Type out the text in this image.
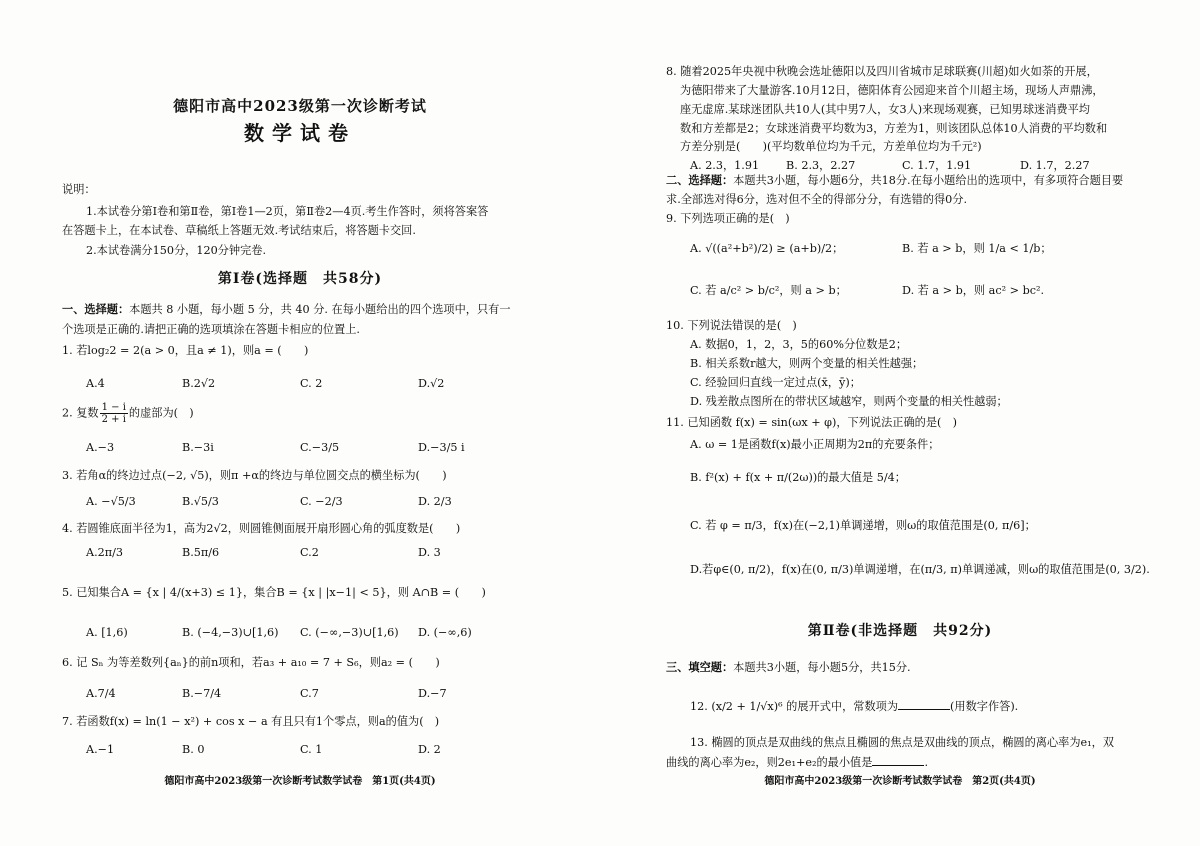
德阳市高中2023级第一次诊断考试
数学试卷
说明：
1.本试卷分第Ⅰ卷和第Ⅱ卷，第Ⅰ卷1—2页，第Ⅱ卷2—4页.考生作答时，须将答案答
在答题卡上，在本试卷、草稿纸上答题无效.考试结束后，将答题卡交回.
2.本试卷满分150分，120分钟完卷.
第Ⅰ卷(选择题　共58分)
一、选择题：本题共 8 小题，每小题 5 分，共 40 分. 在每小题给出的四个选项中，只有一
个选项是正确的.请把正确的选项填涂在答题卡相应的位置上.
1. 若log₂2 = 2(a > 0，且a ≠ 1)，则a = (　　)
A.4	B.2√2	C. 2	D.√2
2. 复数 $\frac{1 - i}{2 + i}$ 的虚部为(　)
A.−3	B.−3i	C.−3/5	D.−3/5 i
3. 若角α的终边过点(−2, √5)，则π +α的终边与单位圆交点的横坐标为(　　)
A. −√5/3	B.√5/3	C. −2/3	D. 2/3
4. 若圆锥底面半径为1，高为2√2，则圆锥侧面展开扇形圆心角的弧度数是(　　)
A.2π/3	B.5π/6	C.2	D. 3
5. 已知集合A = {x | 4/(x+3) ≤ 1}，集合B = {x | |x−1| < 5}，则 A∩B = (　　)
A. [1,6)	B. (−4,−3)∪[1,6) C. (−∞,−3)∪[1,6) D. (−∞,6)
6. 记 Sₙ 为等差数列{aₙ}的前n项和，若a₃ + a₁₀ = 7 + S₆，则a₂ = (　　)
A.7/4	B.−7/4	C.7	D.−7
7. 若函数f(x) = ln(1 − x²) + cos x − a 有且只有1个零点，则a的值为(　)
A.−1	B. 0	C. 1	D. 2
德阳市高中2023级第一次诊断考试数学试卷　第1页(共4页)
8. 随着2025年央视中秋晚会选址德阳以及四川省城市足球联赛(川超)如火如荼的开展，
为德阳带来了大量游客.10月12日，德阳体育公园迎来首个川超主场，现场人声鼎沸，
座无虚席.某球迷团队共10人(其中男7人，女3人)来现场观赛，已知男球迷消费平均
数和方差都是2；女球迷消费平均数为3，方差为1，则该团队总体10人消费的平均数和
方差分别是(　　)(平均数单位均为千元，方差单位均为千元²)
A. 2.3，1.91 B. 2.3，2.27	C. 1.7，1.91	D. 1.7，2.27
二、选择题：本题共3小题，每小题6分，共18分.在每小题给出的选项中，有多项符合题目要
求.全部选对得6分，选对但不全的得部分分，有选错的得0分.
9. 下列选项正确的是(　)
A. √((a²+b²)/2) ≥ (a+b)/2；	B. 若 a > b，则 1/a < 1/b；
C. 若 a/c² > b/c²，则 a > b；	D. 若 a > b，则 ac² > bc².
10. 下列说法错误的是(　)
A. 数据0，1，2，3，5的60%分位数是2；
B. 相关系数r越大，则两个变量的相关性越强；
C. 经验回归直线一定过点(x̄，ȳ)；
D. 残差散点图所在的带状区域越窄，则两个变量的相关性越弱；
11. 已知函数 f(x) = sin(ωx + φ)，下列说法正确的是(　)
A. ω = 1是函数f(x)最小正周期为2π的充要条件；
B. f²(x) + f(x + π/(2ω))的最大值是 5/4；
C. 若 φ = π/3，f(x)在(−2,1)单调递增，则ω的取值范围是(0, π/6]；
D.若φ∈(0, π/2)，f(x)在(0, π/3)单调递增，在(π/3, π)单调递减，则ω的取值范围是(0, 3/2).
第Ⅱ卷(非选择题　共92分)
三、填空题：本题共3小题，每小题5分，共15分.
12. (x/2 + 1/√x)⁶ 的展开式中，常数项为	(用数字作答).
13. 椭圆的顶点是双曲线的焦点且椭圆的焦点是双曲线的顶点，椭圆的离心率为e₁，双
曲线的离心率为e₂，则2e₁+e₂的最小值是	.
德阳市高中2023级第一次诊断考试数学试卷　第2页(共4页)
